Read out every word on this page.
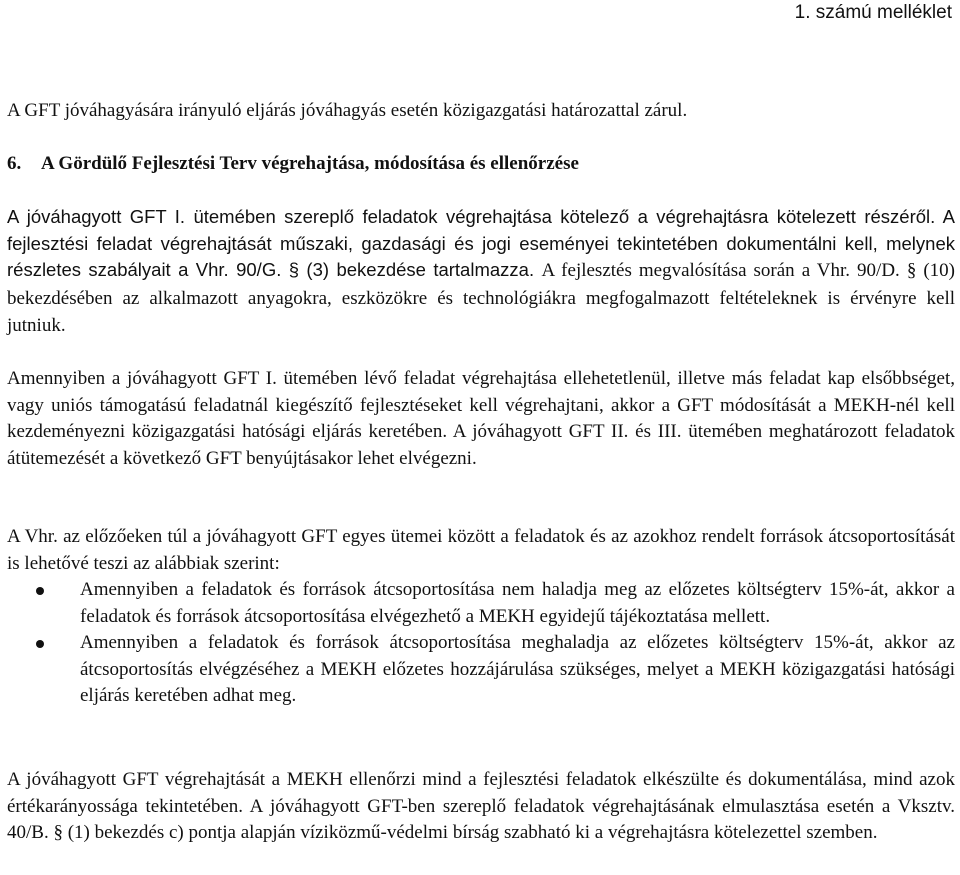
1. számú melléklet
A GFT jóváhagyására irányuló eljárás jóváhagyás esetén közigazgatási határozattal zárul.
6. A Gördülő Fejlesztési Terv végrehajtása, módosítása és ellenőrzése
A jóváhagyott GFT I. ütemében szereplő feladatok végrehajtása kötelező a végrehajtásra kötelezett részéről. A fejlesztési feladat végrehajtását műszaki, gazdasági és jogi eseményei tekintetében dokumentálni kell, melynek részletes szabályait a Vhr. 90/G. § (3) bekezdése tartalmazza. A fejlesztés megvalósítása során a Vhr. 90/D. § (10) bekezdésében az alkalmazott anyagokra, eszközökre és technológiákra megfogalmazott feltételeknek is érvényre kell jutniuk.
Amennyiben a jóváhagyott GFT I. ütemében lévő feladat végrehajtása ellehetetlenül, illetve más feladat kap elsőbbséget, vagy uniós támogatású feladatnál kiegészítő fejlesztéseket kell végrehajtani, akkor a GFT módosítását a MEKH-nél kell kezdeményezni közigazgatási hatósági eljárás keretében. A jóváhagyott GFT II. és III. ütemében meghatározott feladatok átütemezését a következő GFT benyújtásakor lehet elvégezni.
A Vhr. az előzőeken túl a jóváhagyott GFT egyes ütemei között a feladatok és az azokhoz rendelt források átcsoportosítását is lehetővé teszi az alábbiak szerint:
Amennyiben a feladatok és források átcsoportosítása nem haladja meg az előzetes költségterv 15%-át, akkor a feladatok és források átcsoportosítása elvégezhető a MEKH egyidejű tájékoztatása mellett.
Amennyiben a feladatok és források átcsoportosítása meghaladja az előzetes költségterv 15%-át, akkor az átcsoportosítás elvégzéséhez a MEKH előzetes hozzájárulása szükséges, melyet a MEKH közigazgatási hatósági eljárás keretében adhat meg.
A jóváhagyott GFT végrehajtását a MEKH ellenőrzi mind a fejlesztési feladatok elkészülte és dokumentálása, mind azok értékarányossága tekintetében. A jóváhagyott GFT-ben szereplő feladatok végrehajtásának elmulasztása esetén a Vksztv. 40/B. § (1) bekezdés c) pontja alapján víziközmű-védelmi bírság szabható ki a végrehajtásra kötelezettel szemben.
